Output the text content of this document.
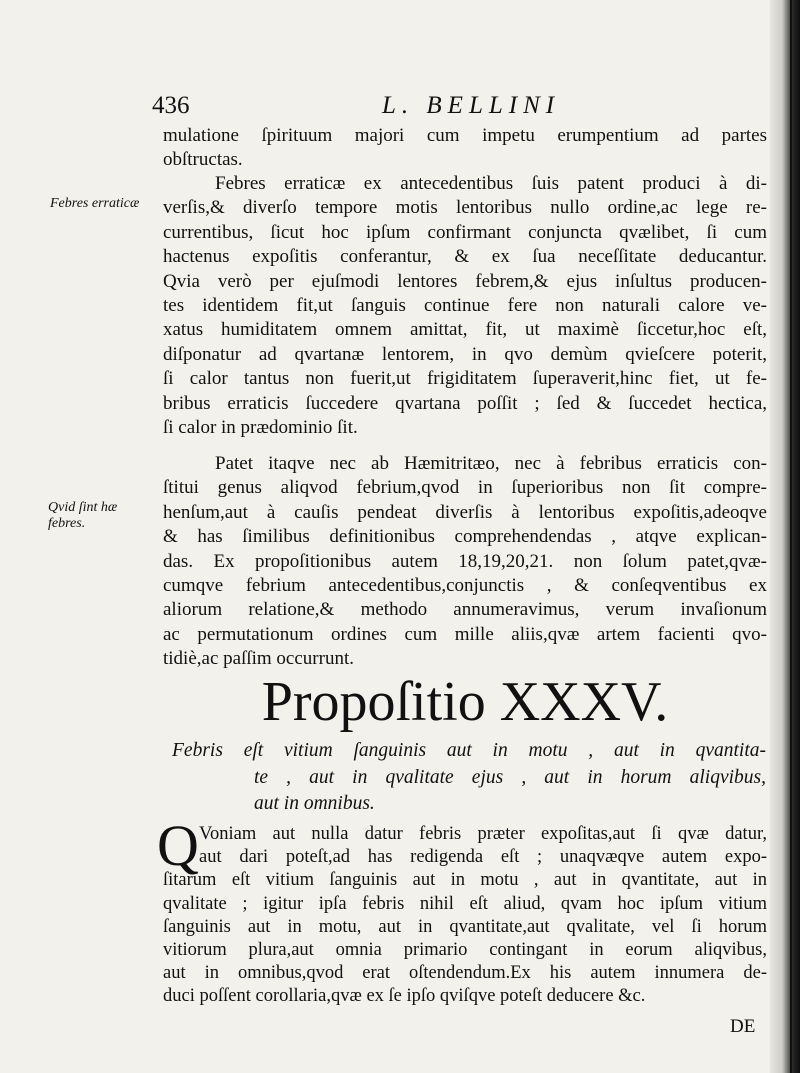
436	L. BELLINI
mulatione ſpirituum majori cum impetu erumpentium ad partes
obſtructas.
Febres erraticæ ex antecedentibus ſuis patent produci à di-
verſis,& diverſo tempore motis lentoribus nullo ordine,ac lege re-
currentibus, ſicut hoc ipſum confirmant conjuncta qvælibet, ſi cum
hactenus expoſitis conferantur, & ex ſua neceſſitate deducantur.
Qvia verò per ejuſmodi lentores febrem,& ejus inſultus producen-
tes identidem fit,ut ſanguis continue fere non naturali calore ve-
xatus humiditatem omnem amittat, fit, ut maximè ſiccetur,hoc eſt,
diſponatur ad qvartanæ lentorem, in qvo demùm qvieſcere poterit,
ſi calor tantus non fuerit,ut frigiditatem ſuperaverit,hinc fiet, ut fe-
bribus erraticis ſuccedere qvartana poſſit ; ſed & ſuccedet hectica,
ſi calor in prædominio ſit.
Febres erraticæ
Patet itaqve nec ab Hæmitritæo, nec à febribus erraticis con-
ſtitui genus aliqvod febrium,qvod in ſuperioribus non ſit compre-
henſum,aut à cauſis pendeat diverſis à lentoribus expoſitis,adeoqve
& has ſimilibus definitionibus comprehendendas , atqve explican-
das. Ex propoſitionibus autem 18,19,20,21. non ſolum patet,qvæ-
cumqve febrium antecedentibus,conjunctis , & conſeqventibus ex
aliorum relatione,& methodo annumeravimus, verum invaſionum
ac permutationum ordines cum mille aliis,qvæ artem facienti qvo-
tidiè,ac paſſim occurrunt.
Qvid ſint hæ
febres.
Propoſitio XXXV.
Febris eſt vitium ſanguinis aut in motu , aut in qvantita-
te , aut in qvalitate ejus , aut in horum aliqvibus,
aut in omnibus.
Q Voniam aut nulla datur febris præter expoſitas,aut ſi qvæ datur,
aut dari poteſt,ad has redigenda eſt ; unaqvæqve autem expo-
ſitarum eſt vitium ſanguinis aut in motu , aut in qvantitate, aut in
qvalitate ; igitur ipſa febris nihil eſt aliud, qvam hoc ipſum vitium
ſanguinis aut in motu, aut in qvantitate,aut qvalitate, vel ſi horum
vitiorum plura,aut omnia primario contingant in eorum aliqvibus,
aut in omnibus,qvod erat oſtendendum.Ex his autem innumera de-
duci poſſent corollaria,qvæ ex ſe ipſo qviſqve poteſt deducere &c.
DE
